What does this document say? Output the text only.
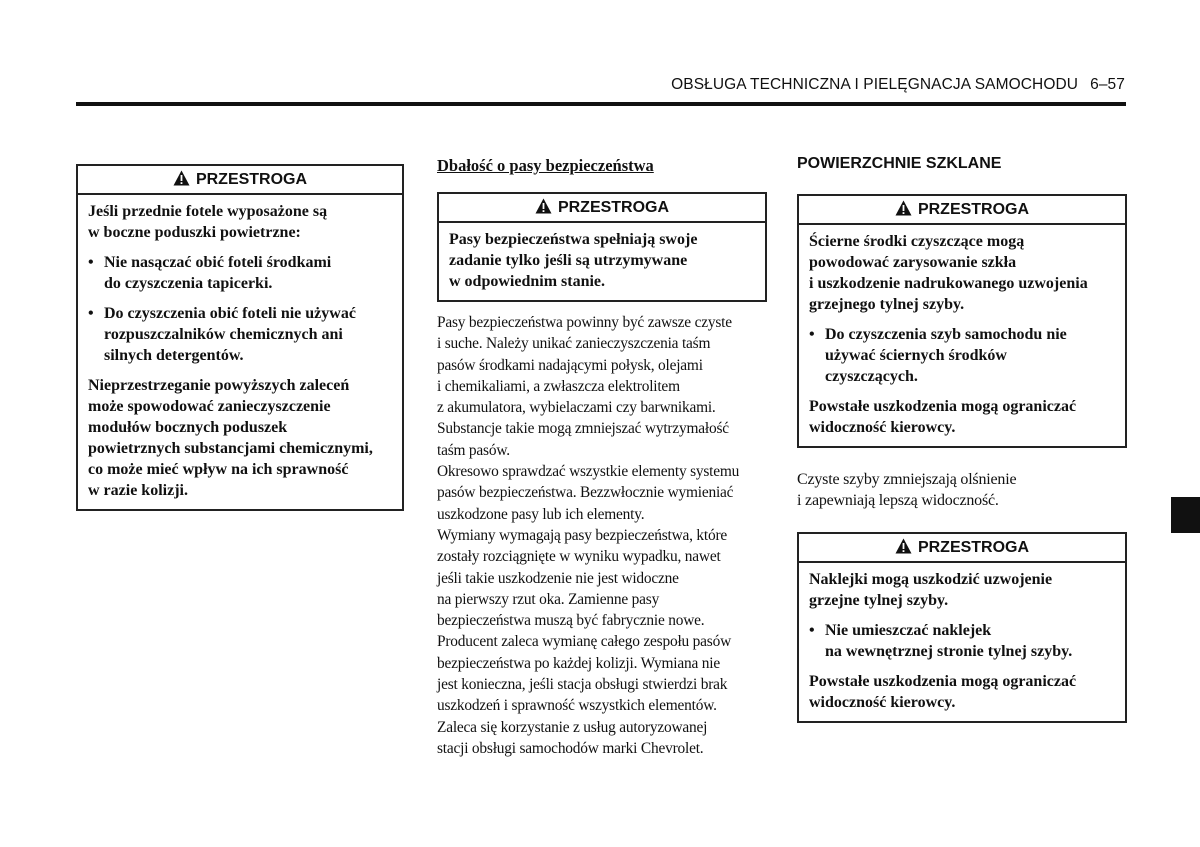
OBSŁUGA TECHNICZNA I PIELĘGNACJA SAMOCHODU 6–57
PRZESTROGA

Jeśli przednie fotele wyposażone są
w boczne poduszki powietrzne:

• Nie nasączać obić foteli środkami
do czyszczenia tapicerki.
• Do czyszczenia obić foteli nie używać
rozpuszczalników chemicznych ani
silnych detergentów.

Nieprzestrzeganie powyższych zaleceń
może spowodować zanieczyszczenie
modułów bocznych poduszek
powietrznych substancjami chemicznymi,
co może mieć wpływ na ich sprawność
w razie kolizji.

Dbałość o pasy bezpieczeństwa
PRZESTROGA

Pasy bezpieczeństwa spełniają swoje
zadanie tylko jeśli są utrzymywane
w odpowiednim stanie.

Pasy bezpieczeństwa powinny być zawsze czyste
i suche. Należy unikać zanieczyszczenia taśm
pasów środkami nadającymi połysk, olejami
i chemikaliami, a zwłaszcza elektrolitem
z akumulatora, wybielaczami czy barwnikami.
Substancje takie mogą zmniejszać wytrzymałość
taśm pasów.
Okresowo sprawdzać wszystkie elementy systemu
pasów bezpieczeństwa. Bezzwłocznie wymieniać
uszkodzone pasy lub ich elementy.
Wymiany wymagają pasy bezpieczeństwa, które
zostały rozciągnięte w wyniku wypadku, nawet
jeśli takie uszkodzenie nie jest widoczne
na pierwszy rzut oka. Zamienne pasy
bezpieczeństwa muszą być fabrycznie nowe.
Producent zaleca wymianę całego zespołu pasów
bezpieczeństwa po każdej kolizji. Wymiana nie
jest konieczna, jeśli stacja obsługi stwierdzi brak
uszkodzeń i sprawność wszystkich elementów.
Zaleca się korzystanie z usług autoryzowanej
stacji obsługi samochodów marki Chevrolet.

POWIERZCHNIE SZKLANE
PRZESTROGA

Ścierne środki czyszczące mogą
powodować zarysowanie szkła
i uszkodzenie nadrukowanego uzwojenia
grzejnego tylnej szyby.

• Do czyszczenia szyb samochodu nie
używać ściernych środków
czyszczących.

Powstałe uszkodzenia mogą ograniczać
widoczność kierowcy.

Czyste szyby zmniejszają olśnienie
i zapewniają lepszą widoczność.

PRZESTROGA

Naklejki mogą uszkodzić uzwojenie
grzejne tylnej szyby.

• Nie umieszczać naklejek
na wewnętrznej stronie tylnej szyby.

Powstałe uszkodzenia mogą ograniczać
widoczność kierowcy.
